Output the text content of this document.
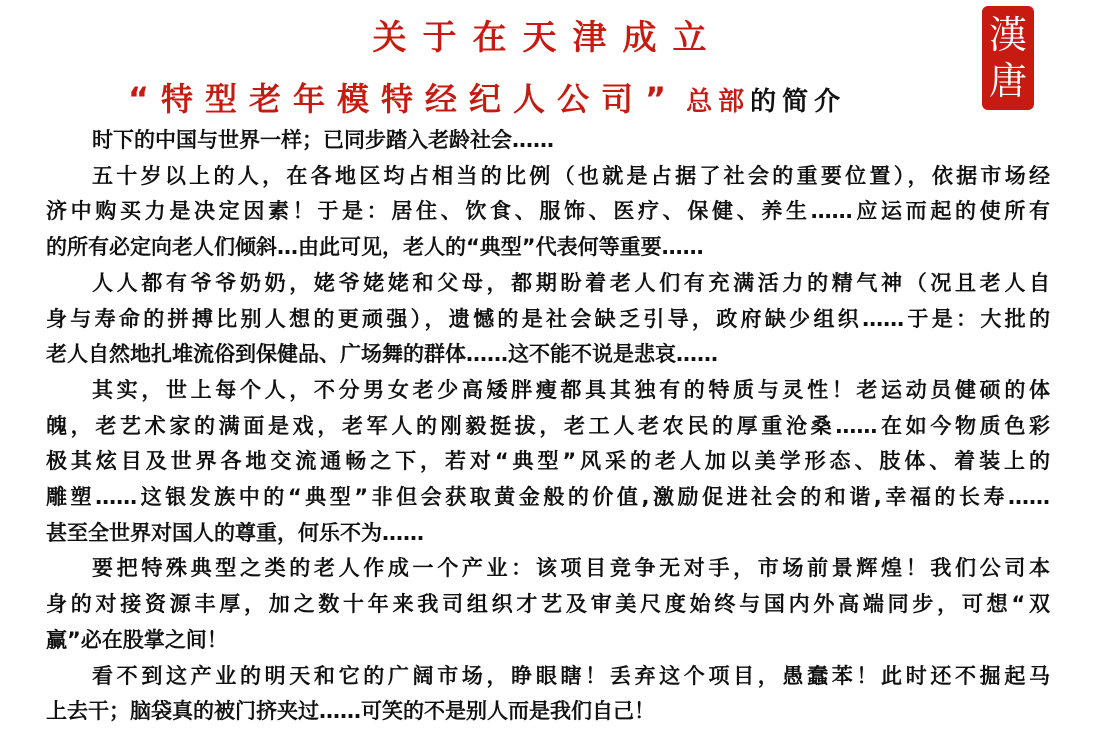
关于在天津成立
“特型老年模特经纪人公司” 总部的简介
漢
唐
时下的中国与世界一样；已同步踏入老龄社会……
五十岁以上的人，在各地区均占相当的比例（也就是占据了社会的重要位置），依据市场经
济中购买力是决定因素！于是：居住、饮食、服饰、医疗、保健、养生……应运而起的使所有
的所有必定向老人们倾斜…由此可见，老人的“典型”代表何等重要……
人人都有爷爷奶奶，姥爷姥姥和父母，都期盼着老人们有充满活力的精气神（况且老人自
身与寿命的拼搏比别人想的更顽强），遗憾的是社会缺乏引导，政府缺少组织……于是：大批的
老人自然地扎堆流俗到保健品、广场舞的群体……这不能不说是悲哀……
其实，世上每个人，不分男女老少高矮胖瘦都具其独有的特质与灵性！老运动员健硕的体
魄，老艺术家的满面是戏，老军人的刚毅挺拔，老工人老农民的厚重沧桑……在如今物质色彩
极其炫目及世界各地交流通畅之下，若对“典型”风采的老人加以美学形态、肢体、着装上的
雕塑……这银发族中的“典型”非但会获取黄金般的价值,激励促进社会的和谐,幸福的长寿……
甚至全世界对国人的尊重，何乐不为……
要把特殊典型之类的老人作成一个产业：该项目竞争无对手，市场前景辉煌！我们公司本
身的对接资源丰厚，加之数十年来我司组织才艺及审美尺度始终与国内外高端同步，可想“双
赢”必在股掌之间！
看不到这产业的明天和它的广阔市场，睁眼瞎！丢弃这个项目，愚蠢苯！此时还不掘起马
上去干；脑袋真的被门挤夹过……可笑的不是别人而是我们自己！
